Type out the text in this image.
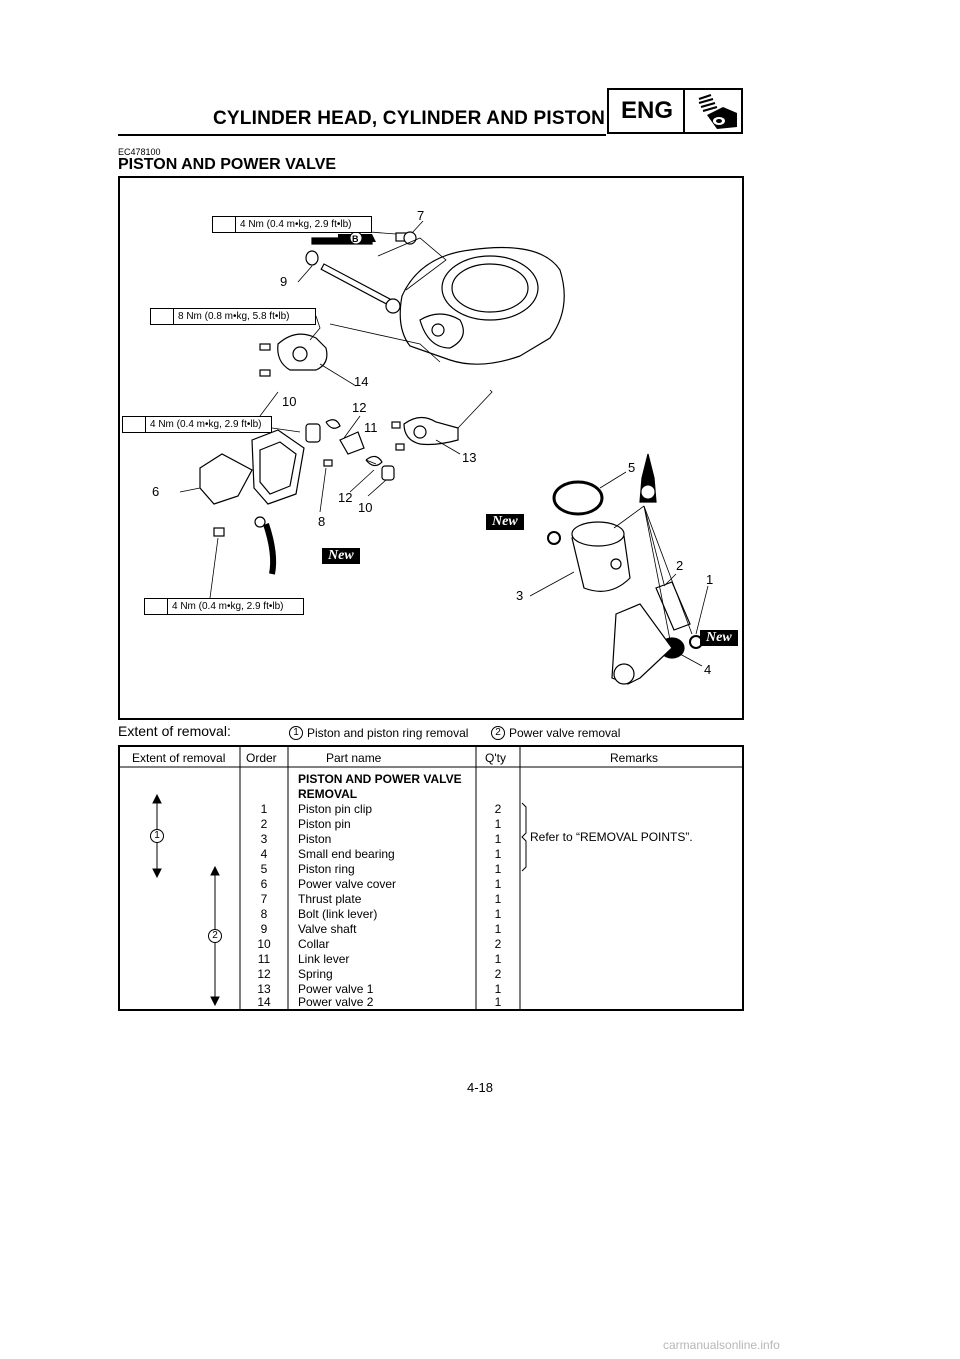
CYLINDER HEAD, CYLINDER AND PISTON ENG
EC478100
PISTON AND POWER VALVE
B
E
4 Nm (0.4 m•kg, 2.9 ft•lb)
8 Nm (0.8 m•kg, 5.8 ft•lb)
4 Nm (0.4 m•kg, 2.9 ft•lb)
4 Nm (0.4 m•kg, 2.9 ft•lb)
7
9
14
10	12
11
13
6
8
12
10
5
2
1
3
4
New
New
New
Extent of removal:	1 Piston and piston ring removal	2 Power valve removal
Extent of removal Order	Part name	Q'ty	Remarks
1
2
PISTON AND POWER VALVE
REMOVAL
1	Piston pin clip	2
2	Piston pin	1
3	Piston	1
4	Small end bearing	1
5	Piston ring	1
6	Power valve cover	1
7	Thrust plate	1
8	Bolt (link lever)	1
9	Valve shaft	1
10	Collar	2
11	Link lever	1
12	Spring	2
13	Power valve 1	1
14	Power valve 2	1
Refer to “REMOVAL POINTS”.
4-18
carmanualsonline.info
